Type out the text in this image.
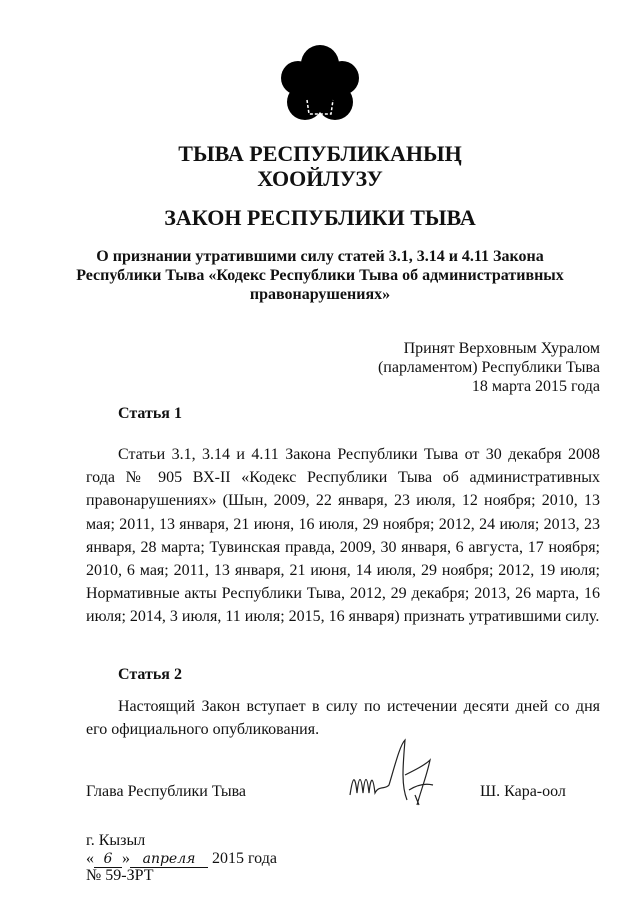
ТЫВА РЕСПУБЛИКАНЫҢ
ХООЙЛУЗУ
ЗАКОН РЕСПУБЛИКИ ТЫВА
О признании утратившими силу статей 3.1, 3.14 и 4.11 Закона
Республики Тыва «Кодекс Республики Тыва об административных
правонарушениях»
Принят Верховным Хуралом
(парламентом) Республики Тыва
18 марта 2015 года
Статья 1

Статьи 3.1, 3.14 и 4.11 Закона Республики Тыва от 30 декабря 2008 года № 905 ВХ-II «Кодекс Республики Тыва об административных правонарушениях» (Шын, 2009, 22 января, 23 июля, 12 ноября; 2010, 13 мая; 2011, 13 января, 21 июня, 16 июля, 29 ноября; 2012, 24 июля; 2013, 23 января, 28 марта; Тувинская правда, 2009, 30 января, 6 августа, 17 ноября; 2010, 6 мая; 2011, 13 января, 21 июня, 14 июля, 29 ноября; 2012, 19 июля; Нормативные акты Республики Тыва, 2012, 29 декабря; 2013, 26 марта, 16 июля; 2014, 3 июля, 11 июля; 2015, 16 января) признать утратившими силу.

Статья 2

Настоящий Закон вступает в силу по истечении десяти дней со дня его официального опубликования.

Глава Республики Тыва	Ш. Кара-оол
г. Кызыл
« 6 » апреля 2015 года
№ 59-ЗРТ
